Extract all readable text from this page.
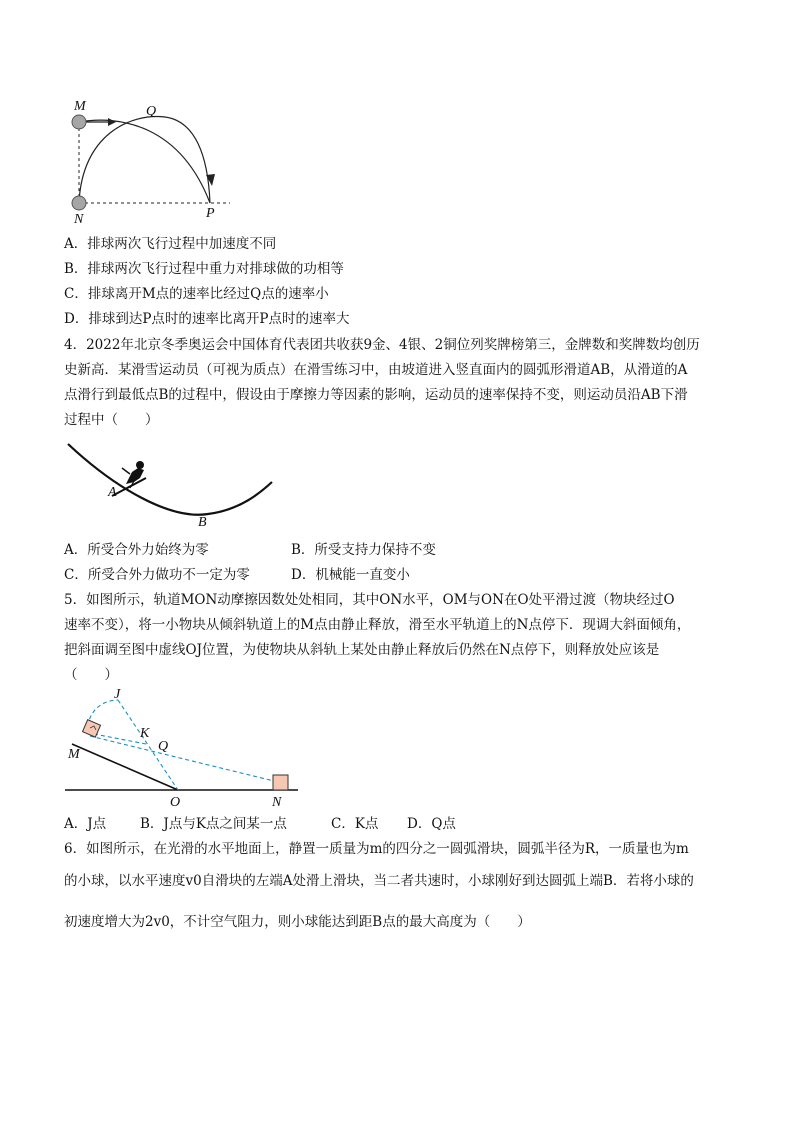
M	Q
N	P
A．排球两次飞行过程中加速度不同
B．排球两次飞行过程中重力对排球做的功相等
C．排球离开M点的速率比经过Q点的速率小
D．排球到达P点时的速率比离开P点时的速率大
4．2022年北京冬季奥运会中国体育代表团共收获9金、4银、2铜位列奖牌榜第三，金牌数和奖牌数均创历
史新高．某滑雪运动员（可视为质点）在滑雪练习中，由坡道进入竖直面内的圆弧形滑道AB，从滑道的A
点滑行到最低点B的过程中，假设由于摩擦力等因素的影响，运动员的速率保持不变，则运动员沿AB下滑
过程中（　　）
A
B
A．所受合外力始终为零	B．所受支持力保持不变
C．所受合外力做功不一定为零	D．机械能一直变小
5．如图所示，轨道MON动摩擦因数处处相同，其中ON水平，OM与ON在O处平滑过渡（物块经过O
速率不变），将一小物块从倾斜轨道上的M点由静止释放，滑至水平轨道上的N点停下．现调大斜面倾角，
把斜面调至图中虚线OJ位置，为使物块从斜轨上某处由静止释放后仍然在N点停下，则释放处应该是
（　　）
J
K
Q
M
O	N
A．J点	B．J点与K点之间某一点	C．K点 D．Q点
6．如图所示，在光滑的水平地面上，静置一质量为m的四分之一圆弧滑块，圆弧半径为R，一质量也为m
的小球，以水平速度v0自滑块的左端A处滑上滑块，当二者共速时，小球刚好到达圆弧上端B．若将小球的
初速度增大为2v0，不计空气阻力，则小球能达到距B点的最大高度为（　　）
